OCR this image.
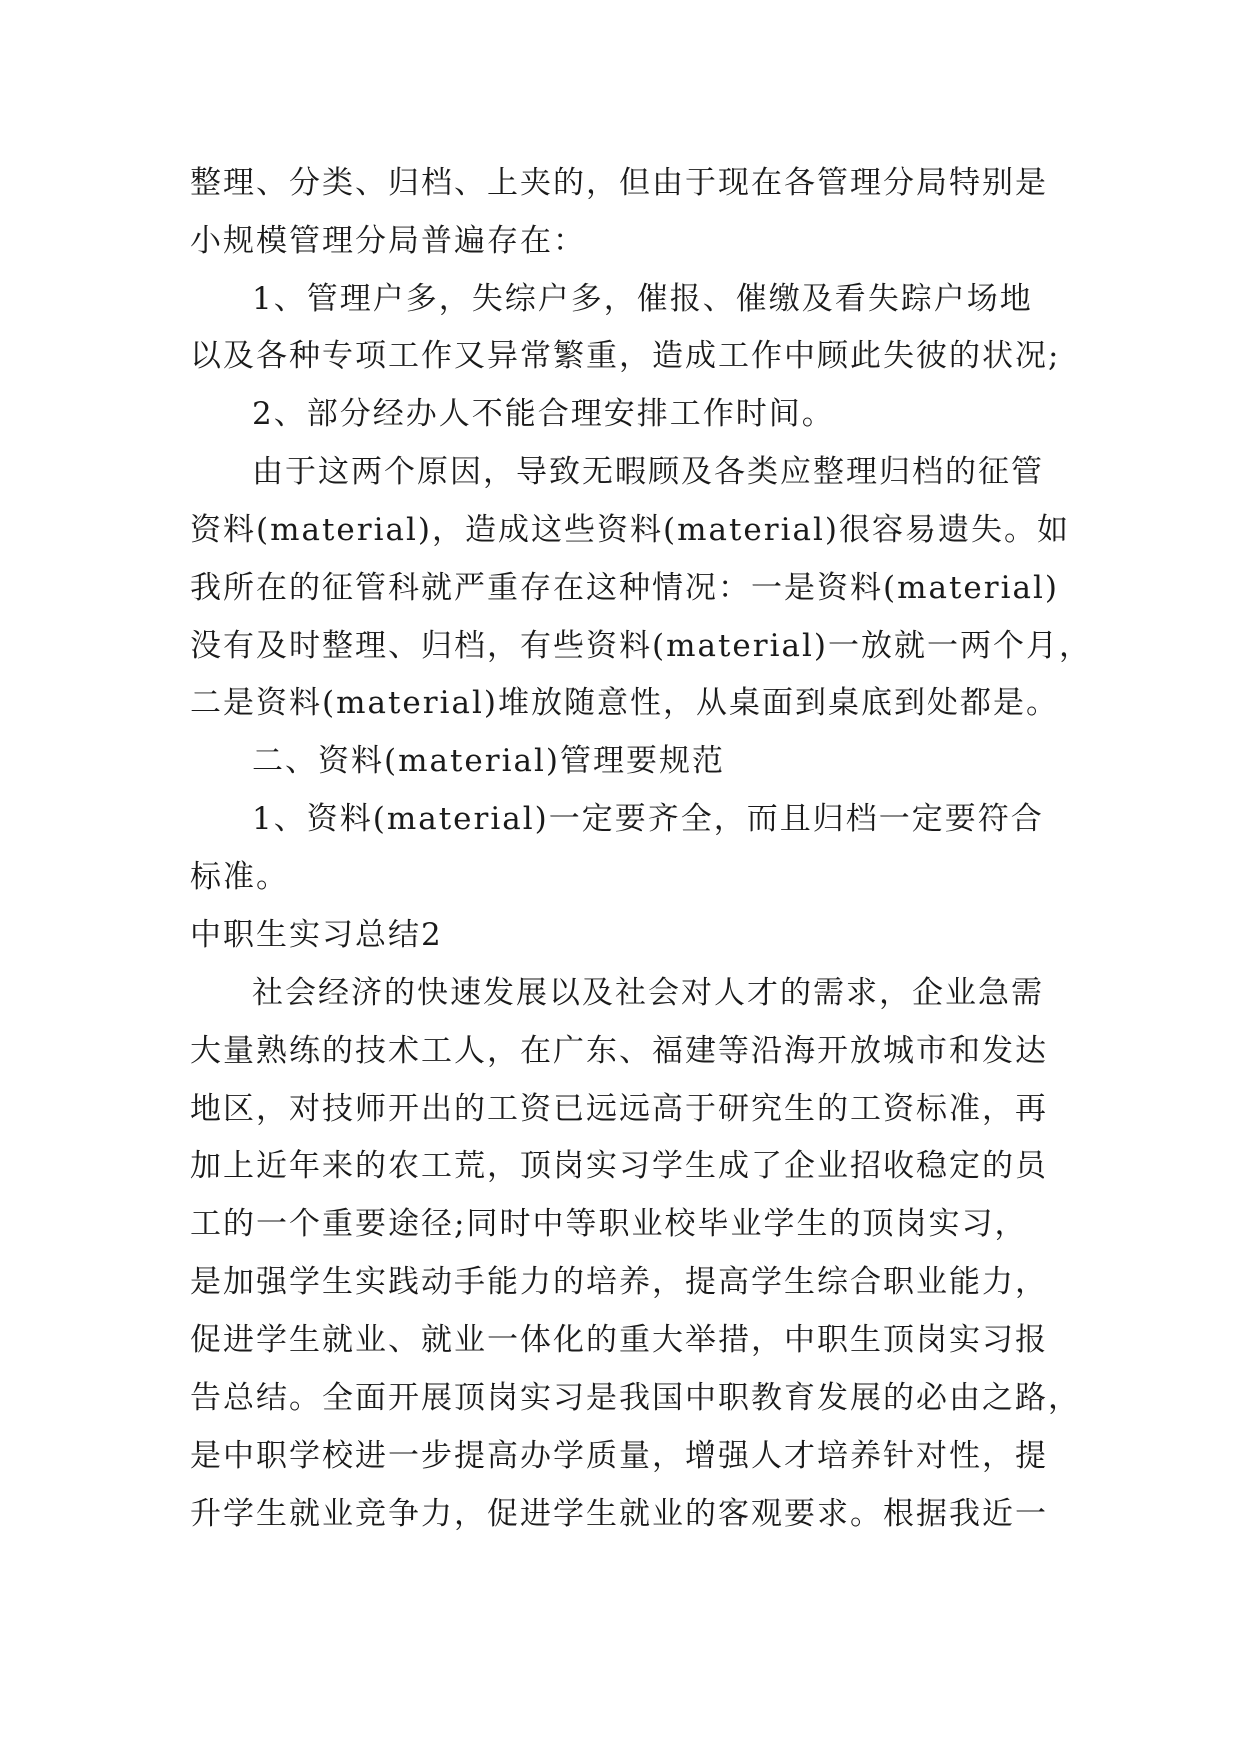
整理、分类、归档、上夹的，但由于现在各管理分局特别是
小规模管理分局普遍存在：
1、管理户多，失综户多，催报、催缴及看失踪户场地
以及各种专项工作又异常繁重，造成工作中顾此失彼的状况;
2、部分经办人不能合理安排工作时间。
由于这两个原因，导致无暇顾及各类应整理归档的征管
资料(material)，造成这些资料(material)很容易遗失。如
我所在的征管科就严重存在这种情况：一是资料(material)
没有及时整理、归档，有些资料(material)一放就一两个月，
二是资料(material)堆放随意性，从桌面到桌底到处都是。
二、资料(material)管理要规范
1、资料(material)一定要齐全，而且归档一定要符合
标准。
中职生实习总结2
社会经济的快速发展以及社会对人才的需求，企业急需
大量熟练的技术工人，在广东、福建等沿海开放城市和发达
地区，对技师开出的工资已远远高于研究生的工资标准，再
加上近年来的农工荒，顶岗实习学生成了企业招收稳定的员
工的一个重要途径;同时中等职业校毕业学生的顶岗实习，
是加强学生实践动手能力的培养，提高学生综合职业能力，
促进学生就业、就业一体化的重大举措，中职生顶岗实习报
告总结。全面开展顶岗实习是我国中职教育发展的必由之路，
是中职学校进一步提高办学质量，增强人才培养针对性，提
升学生就业竞争力，促进学生就业的客观要求。根据我近一
